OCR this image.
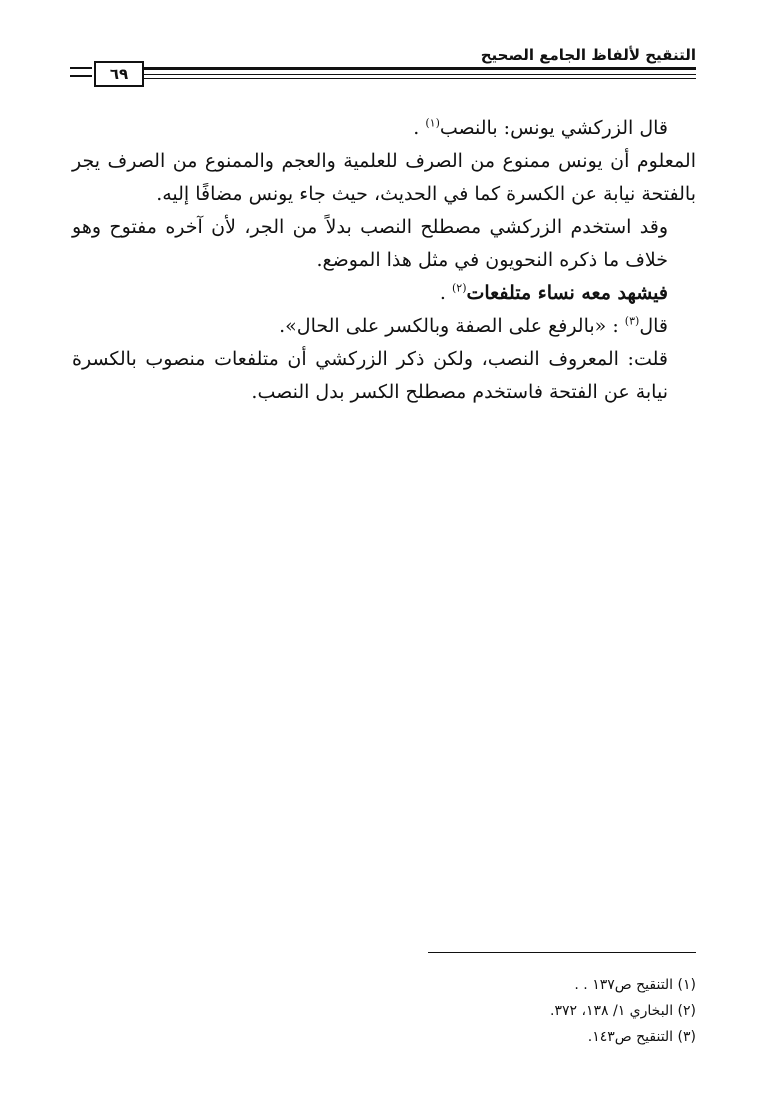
التنقيح لألفاظ الجامع الصحيح
٦٩

قال الزركشي يونس: بالنصب$^{(١)}$ .

المعلوم أن يونس ممنوع من الصرف للعلمية والعجم والممنوع من الصرف يجر بالفتحة نيابة عن الكسرة كما في الحديث، حيث جاء يونس مضافًا إليه.

وقد استخدم الزركشي مصطلح النصب بدلاً من الجر، لأن آخره مفتوح وهو خلاف ما ذكره النحويون في مثل هذا الموضع.

فيشهد معه نساء متلفعات$^{(٢)}$ .

قال$^{(٣)}$ : «بالرفع على الصفة وبالكسر على الحال».

قلت: المعروف النصب، ولكن ذكر الزركشي أن متلفعات منصوب بالكسرة نيابة عن الفتحة فاستخدم مصطلح الكسر بدل النصب.

(١) التنقيح ص١٣٧ . .
(٢) البخاري ١/ ١٣٨، ٣٧٢.
(٣) التنقيح ص١٤٣.
